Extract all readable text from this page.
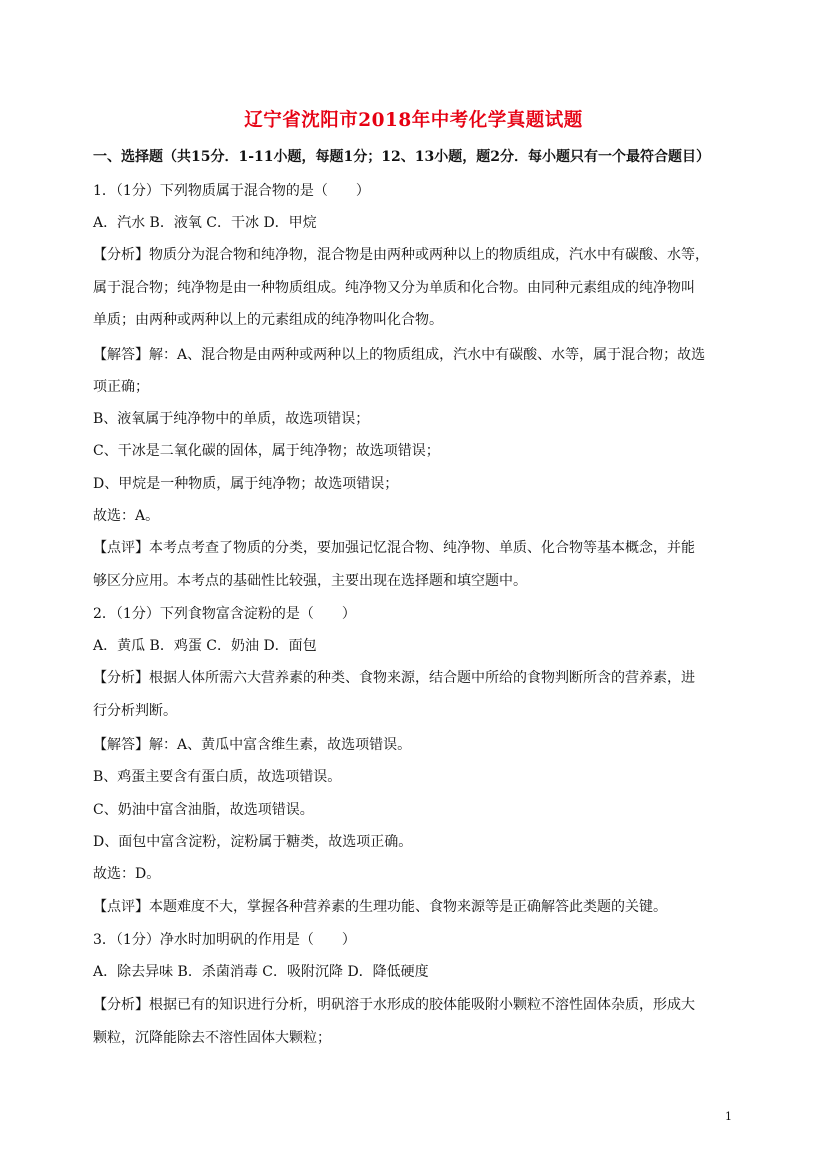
辽宁省沈阳市2018年中考化学真题试题
一、选择题（共15分．1-11小题，每题1分；12、13小题，题2分．每小题只有一个最符合题目）
1．（1分）下列物质属于混合物的是（　　）
A．汽水 B．液氧 C．干冰 D．甲烷
【分析】物质分为混合物和纯净物，混合物是由两种或两种以上的物质组成，汽水中有碳酸、水等，
属于混合物；纯净物是由一种物质组成。纯净物又分为单质和化合物。由同种元素组成的纯净物叫
单质；由两种或两种以上的元素组成的纯净物叫化合物。
【解答】解：A、混合物是由两种或两种以上的物质组成，汽水中有碳酸、水等，属于混合物；故选
项正确；
B、液氧属于纯净物中的单质，故选项错误；
C、干冰是二氧化碳的固体，属于纯净物；故选项错误；
D、甲烷是一种物质，属于纯净物；故选项错误；
故选：A。
【点评】本考点考查了物质的分类，要加强记忆混合物、纯净物、单质、化合物等基本概念，并能
够区分应用。本考点的基础性比较强，主要出现在选择题和填空题中。
2．（1分）下列食物富含淀粉的是（　　）
A．黄瓜 B．鸡蛋 C．奶油 D．面包
【分析】根据人体所需六大营养素的种类、食物来源，结合题中所给的食物判断所含的营养素，进
行分析判断。
【解答】解：A、黄瓜中富含维生素，故选项错误。
B、鸡蛋主要含有蛋白质，故选项错误。
C、奶油中富含油脂，故选项错误。
D、面包中富含淀粉，淀粉属于糖类，故选项正确。
故选：D。
【点评】本题难度不大，掌握各种营养素的生理功能、食物来源等是正确解答此类题的关键。
3．（1分）净水时加明矾的作用是（　　）
A．除去异味 B．杀菌消毒 C．吸附沉降 D．降低硬度
【分析】根据已有的知识进行分析，明矾溶于水形成的胶体能吸附小颗粒不溶性固体杂质，形成大
颗粒，沉降能除去不溶性固体大颗粒；
1
